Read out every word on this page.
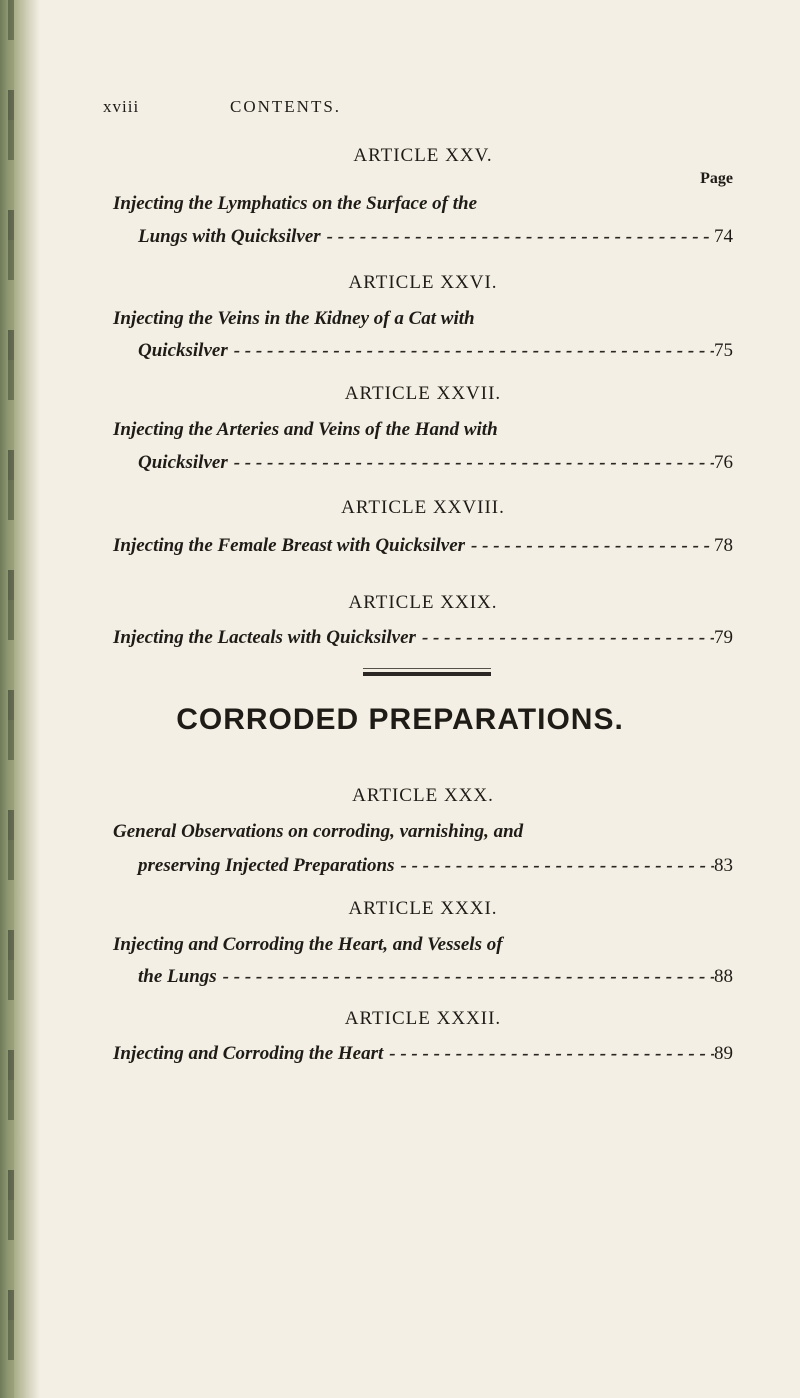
xviii	CONTENTS.
ARTICLE XXV.
Page
Injecting the Lymphatics on the Surface of the
Lungs with Quicksilver - - -	74
ARTICLE XXVI.
Injecting the Veins in the Kidney of a Cat with
Quicksilver - - -	75
ARTICLE XXVII.
Injecting the Arteries and Veins of the Hand with
Quicksilver - - -	76
ARTICLE XXVIII.
Injecting the Female Breast with Quicksilver - - -	78
ARTICLE XXIX.
Injecting the Lacteals with Quicksilver - - -	79
CORRODED PREPARATIONS.
ARTICLE XXX.
General Observations on corroding, varnishing, and
preserving Injected Preparations - - -	83
ARTICLE XXXI.
Injecting and Corroding the Heart, and Vessels of
the Lungs - - -	88
ARTICLE XXXII.
Injecting and Corroding the Heart - - -	89
